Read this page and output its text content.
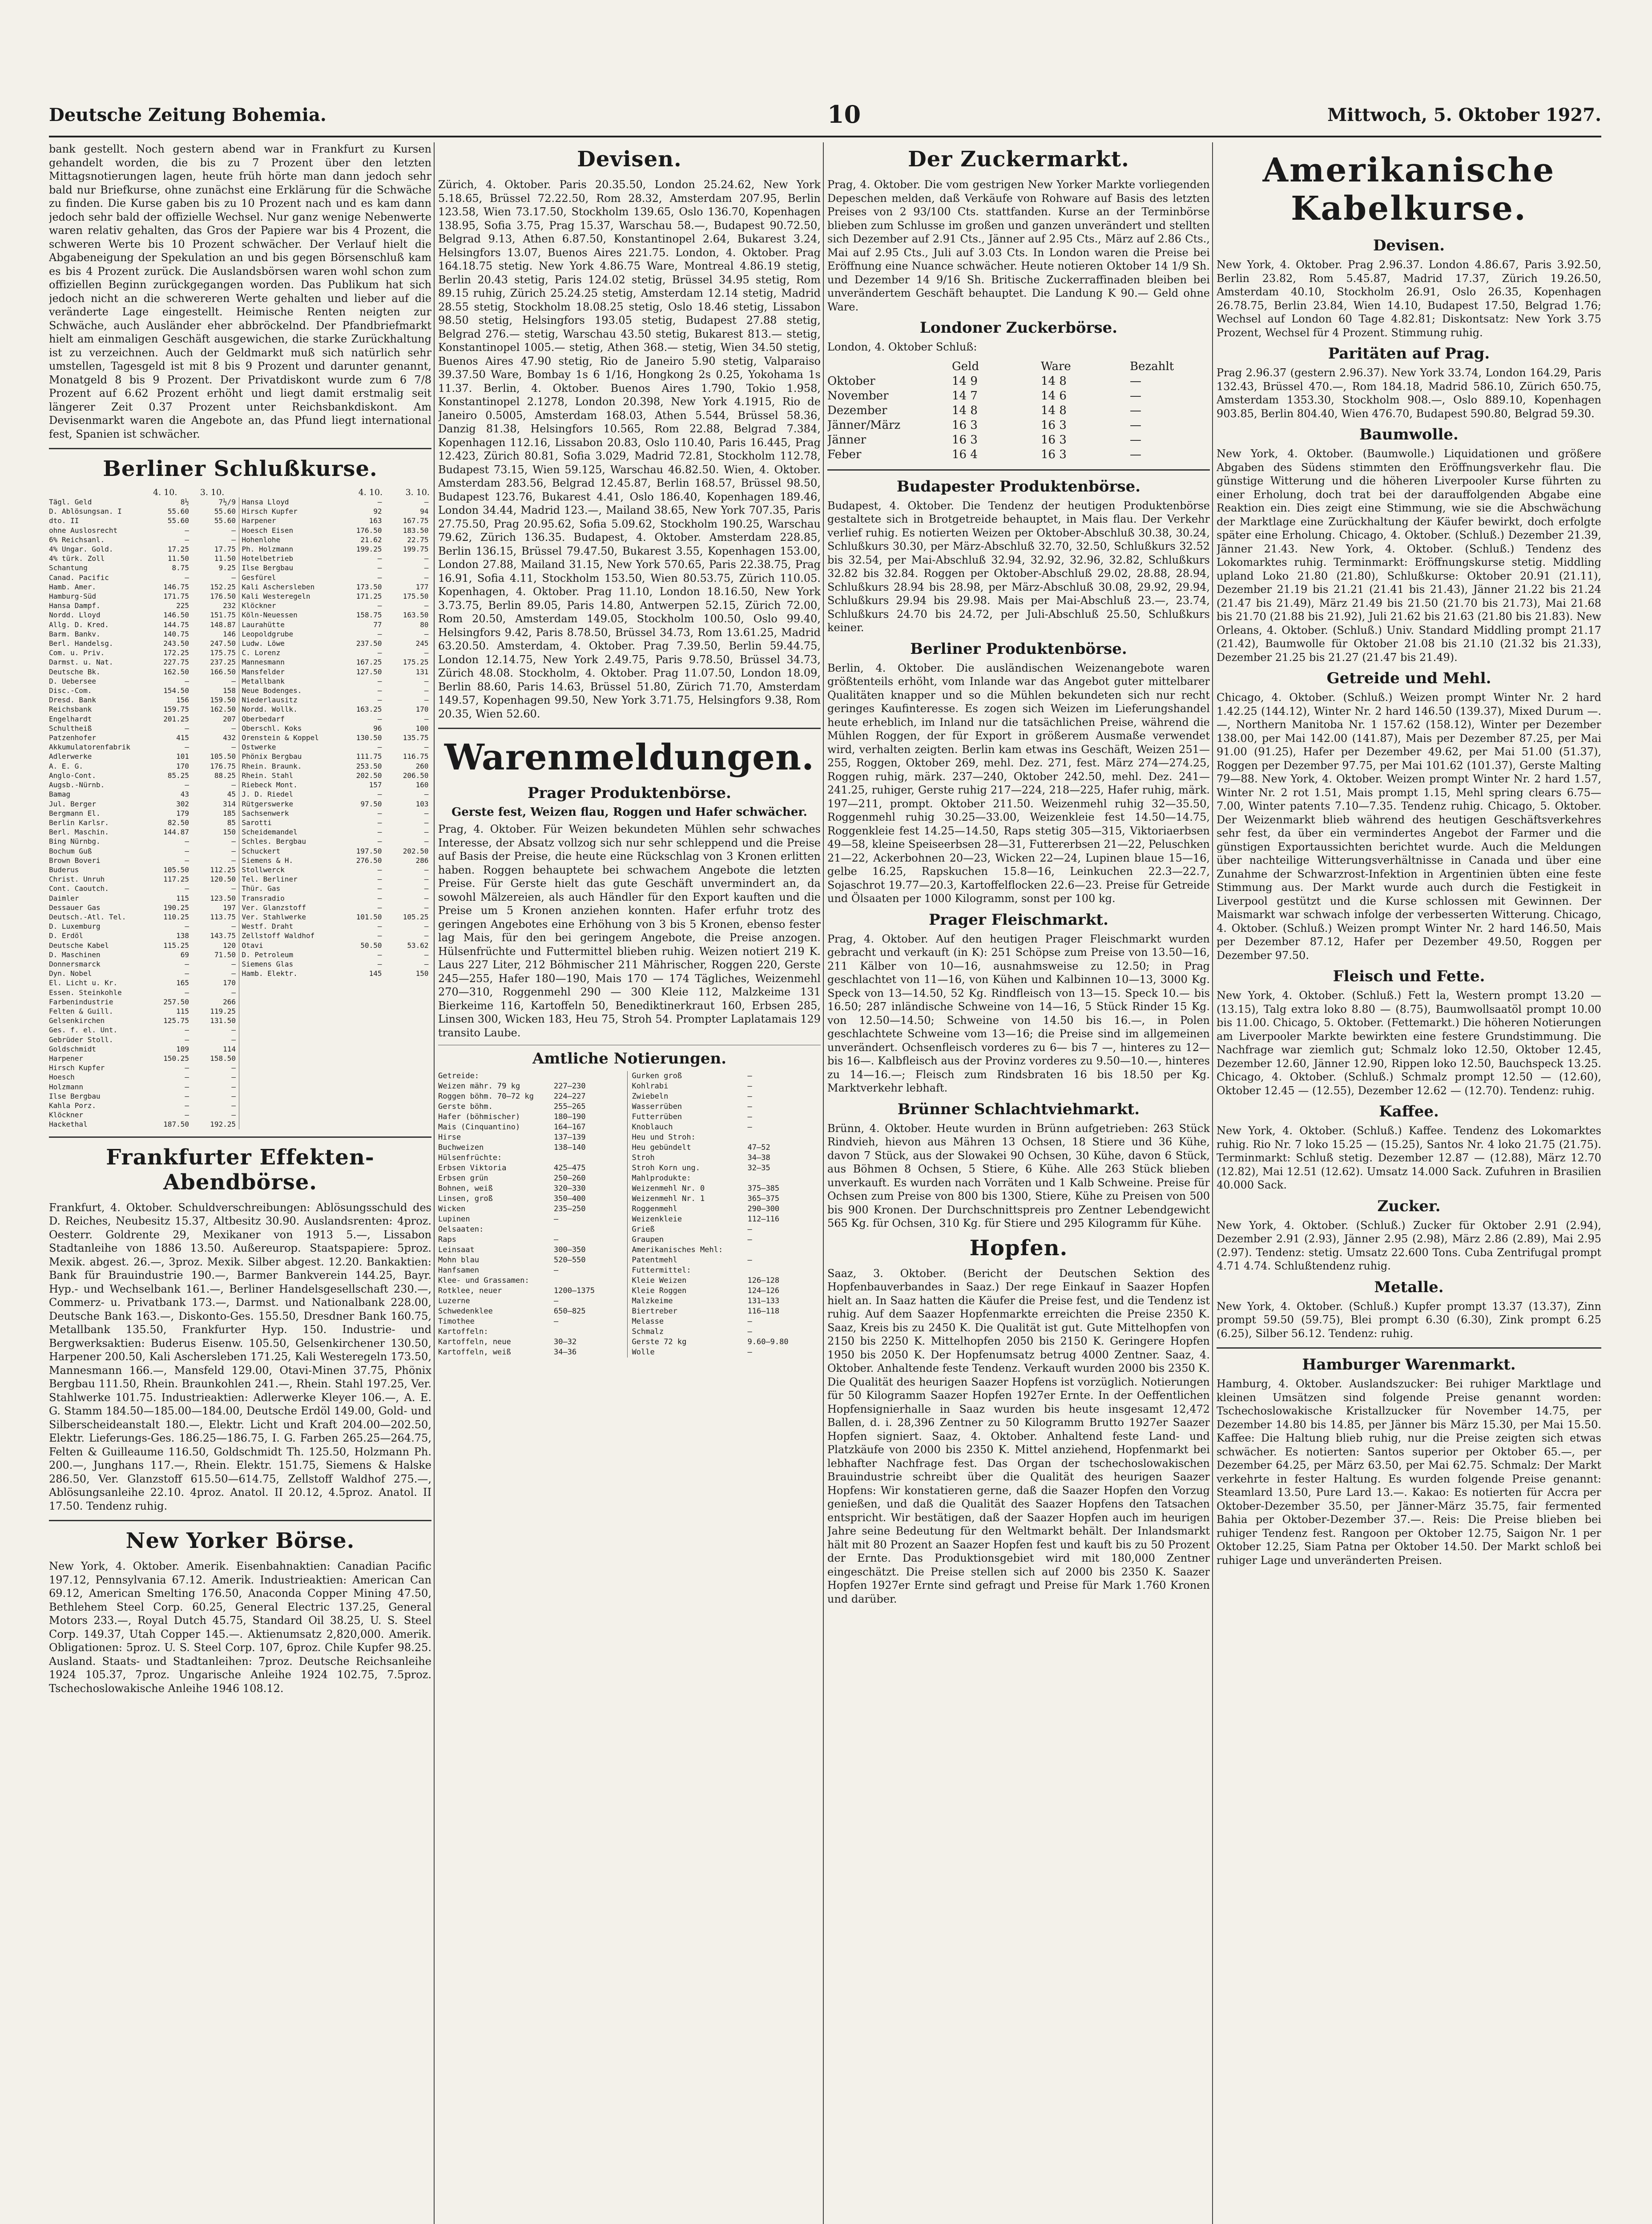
Deutsche Zeitung Bohemia.	10	Mittwoch, 5. Oktober 1927.
bank gestellt. Noch gestern abend war in Frankfurt zu Kursen gehandelt worden, die bis zu 7 Prozent über den letzten Mittagsnotierungen lagen, heute früh hörte man dann jedoch sehr bald nur Briefkurse, ohne zunächst eine Erklärung für die Schwäche zu finden. Die Kurse gaben bis zu 10 Prozent nach und es kam dann jedoch sehr bald der offizielle Wechsel. Nur ganz wenige Nebenwerte waren relativ gehalten, das Gros der Papiere war bis 4 Prozent, die schweren Werte bis 10 Prozent schwächer. Der Verlauf hielt die Abgabeneigung der Spekulation an und bis gegen Börsenschluß kam es bis 4 Prozent zurück. Die Auslandsbörsen waren wohl schon zum offiziellen Beginn zurückgegangen worden. Das Publikum hat sich jedoch nicht an die schwereren Werte gehalten und lieber auf die veränderte Lage eingestellt. Heimische Renten neigten zur Schwäche, auch Ausländer eher abbröckelnd. Der Pfandbriefmarkt hielt am einmaligen Geschäft ausgewichen, die starke Zurückhaltung ist zu verzeichnen. Auch der Geldmarkt muß sich natürlich sehr umstellen, Tagesgeld ist mit 8 bis 9 Prozent und darunter genannt, Monatgeld 8 bis 9 Prozent. Der Privatdiskont wurde zum 6 7/8 Prozent auf 6.62 Prozent erhöht und liegt damit erstmalig seit längerer Zeit 0.37 Prozent unter Reichsbankdiskont. Am Devisenmarkt waren die Angebote an, das Pfund liegt international fest, Spanien ist schwächer.
Berliner Schlußkurse.
4. 10.	3. 10.	4. 10.	3. 10.
Tägl. Geld	8½	7½/9
D. Ablösungsan. I	55.60	55.60
dto. II	55.60	55.60
ohne Auslosrecht	—	—
6% Reichsanl.	—	—
4% Ungar. Gold.	17.25	17.75
4% türk. Zoll	11.50	11.50
Schantung	8.75	9.25
Canad. Pacific	—	—
Hamb. Amer.	146.75	152.25
Hamburg-Süd	171.75	176.50
Hansa Dampf.	225	232
Nordd. Lloyd	146.50	151.75
Allg. D. Kred.	144.75	148.87
Barm. Bankv.	140.75	146
Berl. Handelsg.	243.50	247.50
Com. u. Priv.	172.25	175.75
Darmst. u. Nat.	227.75	237.25
Deutsche Bk.	162.50	166.50
D. Uebersee	—	—
Disc.-Com.	154.50	158
Dresd. Bank	156	159.50
Reichsbank	159.75	162.50
Engelhardt	201.25	207
Schultheiß	—	—
Patzenhofer	415	432
Akkumulatorenfabrik	—	—
Adlerwerke	101	105.50
A. E. G.	170	176.75
Anglo-Cont.	85.25	88.25
Augsb.-Nürnb.	—	—
Bamag	43	45
Jul. Berger	302	314
Bergmann El.	179	185
Berlin Karlsr.	82.50	85
Berl. Maschin.	144.87	150
Bing Nürnbg.	—	—
Bochum Guß	—	—
Brown Boveri	—	—
Buderus	105.50	112.25
Christ. Unruh	117.25	120.50
Cont. Caoutch.	—	—
Daimler	115	123.50
Dessauer Gas	190.25	197
Deutsch.-Atl. Tel.	110.25	113.75
D. Luxemburg	—	—
D. Erdöl	138	143.75
Deutsche Kabel	115.25	120
D. Maschinen	69	71.50
Donnersmarck	—	—
Dyn. Nobel	—	—
El. Licht u. Kr.	165	170
Essen. Steinkohle	—	—
Farbenindustrie	257.50	266
Felten & Guill.	115	119.25
Gelsenkirchen	125.75	131.50
Ges. f. el. Unt.	—	—
Gebrüder Stoll.	—	—
Goldschmidt	109	114
Harpener	150.25	158.50
Hirsch Kupfer	—	—
Hoesch	—	—
Holzmann	—	—
Ilse Bergbau	—	—
Kahla Porz.	—	—
Klöckner	—	—
Hackethal	187.50	192.25
Hansa Lloyd	—	—
Hirsch Kupfer	92	94
Harpener	163	167.75
Hoesch Eisen	176.50	183.50
Hohenlohe	21.62	22.75
Ph. Holzmann	199.25	199.75
Hotelbetrieb	—	—
Ilse Bergbau	—	—
Gesfürel	—	—
Kali Aschersleben	173.50	177
Kali Westeregeln	171.25	175.50
Klöckner	—	—
Köln-Neuessen	158.75	163.50
Laurahütte	77	80
Leopoldgrube	—	—
Ludw. Löwe	237.50	245
C. Lorenz	—	—
Mannesmann	167.25	175.25
Mansfelder	127.50	131
Metallbank	—	—
Neue Bodenges.	—	—
Niederlausitz	—	—
Nordd. Wollk.	163.25	170
Oberbedarf	—	—
Oberschl. Koks	96	100
Orenstein & Koppel	130.50	135.75
Ostwerke	—	—
Phönix Bergbau	111.75	116.75
Rhein. Braunk.	253.50	260
Rhein. Stahl	202.50	206.50
Riebeck Mont.	157	160
J. D. Riedel	—	—
Rütgerswerke	97.50	103
Sachsenwerk	—	—
Sarotti	—	—
Scheidemandel	—	—
Schles. Bergbau	—	—
Schuckert	197.50	202.50
Siemens & H.	276.50	286
Stollwerck	—	—
Tel. Berliner	—	—
Thür. Gas	—	—
Transradio	—	—
Ver. Glanzstoff	—	—
Ver. Stahlwerke	101.50	105.25
Westf. Draht	—	—
Zellstoff Waldhof	—	—
Otavi	50.50	53.62
D. Petroleum	—	—
Siemens Glas	—	—
Hamb. Elektr.	145	150
Frankfurter Effekten-Abendbörse.
Frankfurt, 4. Oktober. Schuldverschreibungen: Ablösungsschuld des D. Reiches, Neubesitz 15.37, Altbesitz 30.90. Auslandsrenten: 4proz. Oesterr. Goldrente 29, Mexikaner von 1913 5.—, Lissabon Stadtanleihe von 1886 13.50. Außereurop. Staatspapiere: 5proz. Mexik. abgest. 26.—, 3proz. Mexik. Silber abgest. 12.20. Bankaktien: Bank für Brauindustrie 190.—, Barmer Bankverein 144.25, Bayr. Hyp.- und Wechselbank 161.—, Berliner Handelsgesellschaft 230.—, Commerz- u. Privatbank 173.—, Darmst. und Nationalbank 228.00, Deutsche Bank 163.—, Diskonto-Ges. 155.50, Dresdner Bank 160.75, Metallbank 135.50, Frankfurter Hyp. 150. Industrie- und Bergwerksaktien: Buderus Eisenw. 105.50, Gelsenkirchener 130.50, Harpener 200.50, Kali Aschersleben 171.25, Kali Westeregeln 173.50, Mannesmann 166.—, Mansfeld 129.00, Otavi-Minen 37.75, Phönix Bergbau 111.50, Rhein. Braunkohlen 241.—, Rhein. Stahl 197.25, Ver. Stahlwerke 101.75. Industrieaktien: Adlerwerke Kleyer 106.—, A. E. G. Stamm 184.50—185.00—184.00, Deutsche Erdöl 149.00, Gold- und Silberscheideanstalt 180.—, Elektr. Licht und Kraft 204.00—202.50, Elektr. Lieferungs-Ges. 186.25—186.75, I. G. Farben 265.25—264.75, Felten & Guilleaume 116.50, Goldschmidt Th. 125.50, Holzmann Ph. 200.—, Junghans 117.—, Rhein. Elektr. 151.75, Siemens & Halske 286.50, Ver. Glanzstoff 615.50—614.75, Zellstoff Waldhof 275.—, Ablösungsanleihe 22.10. 4proz. Anatol. II 20.12, 4.5proz. Anatol. II 17.50. Tendenz ruhig.
New Yorker Börse.
New York, 4. Oktober. Amerik. Eisenbahnaktien: Canadian Pacific 197.12, Pennsylvania 67.12. Amerik. Industrieaktien: American Can 69.12, American Smelting 176.50, Anaconda Copper Mining 47.50, Bethlehem Steel Corp. 60.25, General Electric 137.25, General Motors 233.—, Royal Dutch 45.75, Standard Oil 38.25, U. S. Steel Corp. 149.37, Utah Copper 145.—. Aktienumsatz 2,820,000. Amerik. Obligationen: 5proz. U. S. Steel Corp. 107, 6proz. Chile Kupfer 98.25. Ausland. Staats- und Stadtanleihen: 7proz. Deutsche Reichsanleihe 1924 105.37, 7proz. Ungarische Anleihe 1924 102.75, 7.5proz. Tschechoslowakische Anleihe 1946 108.12.
Devisen.
Zürich, 4. Oktober. Paris 20.35.50, London 25.24.62, New York 5.18.65, Brüssel 72.22.50, Rom 28.32, Amsterdam 207.95, Berlin 123.58, Wien 73.17.50, Stockholm 139.65, Oslo 136.70, Kopenhagen 138.95, Sofia 3.75, Prag 15.37, Warschau 58.—, Budapest 90.72.50, Belgrad 9.13, Athen 6.87.50, Konstantinopel 2.64, Bukarest 3.24, Helsingfors 13.07, Buenos Aires 221.75. London, 4. Oktober. Prag 164.18.75 stetig. New York 4.86.75 Ware, Montreal 4.86.19 stetig, Berlin 20.43 stetig, Paris 124.02 stetig, Brüssel 34.95 stetig, Rom 89.15 ruhig, Zürich 25.24.25 stetig, Amsterdam 12.14 stetig, Madrid 28.55 stetig, Stockholm 18.08.25 stetig, Oslo 18.46 stetig, Lissabon 98.50 stetig, Helsingfors 193.05 stetig, Budapest 27.88 stetig, Belgrad 276.— stetig, Warschau 43.50 stetig, Bukarest 813.— stetig, Konstantinopel 1005.— stetig, Athen 368.— stetig, Wien 34.50 stetig, Buenos Aires 47.90 stetig, Rio de Janeiro 5.90 stetig, Valparaiso 39.37.50 Ware, Bombay 1s 6 1/16, Hongkong 2s 0.25, Yokohama 1s 11.37. Berlin, 4. Oktober. Buenos Aires 1.790, Tokio 1.958, Konstantinopel 2.1278, London 20.398, New York 4.1915, Rio de Janeiro 0.5005, Amsterdam 168.03, Athen 5.544, Brüssel 58.36, Danzig 81.38, Helsingfors 10.565, Rom 22.88, Belgrad 7.384, Kopenhagen 112.16, Lissabon 20.83, Oslo 110.40, Paris 16.445, Prag 12.423, Zürich 80.81, Sofia 3.029, Madrid 72.81, Stockholm 112.78, Budapest 73.15, Wien 59.125, Warschau 46.82.50. Wien, 4. Oktober. Amsterdam 283.56, Belgrad 12.45.87, Berlin 168.57, Brüssel 98.50, Budapest 123.76, Bukarest 4.41, Oslo 186.40, Kopenhagen 189.46, London 34.44, Madrid 123.—, Mailand 38.65, New York 707.35, Paris 27.75.50, Prag 20.95.62, Sofia 5.09.62, Stockholm 190.25, Warschau 79.62, Zürich 136.35. Budapest, 4. Oktober. Amsterdam 228.85, Berlin 136.15, Brüssel 79.47.50, Bukarest 3.55, Kopenhagen 153.00, London 27.88, Mailand 31.15, New York 570.65, Paris 22.38.75, Prag 16.91, Sofia 4.11, Stockholm 153.50, Wien 80.53.75, Zürich 110.05. Kopenhagen, 4. Oktober. Prag 11.10, London 18.16.50, New York 3.73.75, Berlin 89.05, Paris 14.80, Antwerpen 52.15, Zürich 72.00, Rom 20.50, Amsterdam 149.05, Stockholm 100.50, Oslo 99.40, Helsingfors 9.42, Paris 8.78.50, Brüssel 34.73, Rom 13.61.25, Madrid 63.20.50. Amsterdam, 4. Oktober. Prag 7.39.50, Berlin 59.44.75, London 12.14.75, New York 2.49.75, Paris 9.78.50, Brüssel 34.73, Zürich 48.08. Stockholm, 4. Oktober. Prag 11.07.50, London 18.09, Berlin 88.60, Paris 14.63, Brüssel 51.80, Zürich 71.70, Amsterdam 149.57, Kopenhagen 99.50, New York 3.71.75, Helsingfors 9.38, Rom 20.35, Wien 52.60.
Warenmeldungen.
Prager Produktenbörse.
Gerste fest, Weizen flau, Roggen und Hafer schwächer.
Prag, 4. Oktober. Für Weizen bekundeten Mühlen sehr schwaches Interesse, der Absatz vollzog sich nur sehr schleppend und die Preise auf Basis der Preise, die heute eine Rückschlag von 3 Kronen erlitten haben. Roggen behauptete bei schwachem Angebote die letzten Preise. Für Gerste hielt das gute Geschäft unvermindert an, da sowohl Mälzereien, als auch Händler für den Export kauften und die Preise um 5 Kronen anziehen konnten. Hafer erfuhr trotz des geringen Angebotes eine Erhöhung von 3 bis 5 Kronen, ebenso fester lag Mais, für den bei geringem Angebote, die Preise anzogen. Hülsenfrüchte und Futtermittel blieben ruhig. Weizen notiert 219 K. Laus 227 Liter, 212 Böhmischer 211 Mährischer, Roggen 220, Gerste 245—255, Hafer 180—190, Mais 170 — 174 Tägliches, Weizenmehl 270—310, Roggenmehl 290 — 300 Kleie 112, Malzkeime 131 Bierkeime 116, Kartoffeln 50, Benediktinerkraut 160, Erbsen 285, Linsen 300, Wicken 183, Heu 75, Stroh 54. Prompter Laplatamais 129 transito Laube.
Amtliche Notierungen.
Getreide:
Weizen mähr. 79 kg	227—230
Roggen böhm. 70—72 kg	224—227
Gerste böhm.	255—265
Hafer (böhmischer)	180—190
Mais (Cinquantino)	164—167
Hirse	137—139
Buchweizen	138—140
Hülsenfrüchte:
Erbsen Viktoria	425—475
Erbsen grün	250—260
Bohnen, weiß	320—330
Linsen, groß	350—400
Wicken	235—250
Lupinen	—
Oelsaaten:
Raps	—
Leinsaat	300—350
Mohn blau	520—550
Hanfsamen	—
Klee- und Grassamen:
Rotklee, neuer	1200—1375
Luzerne	—
Schwedenklee	650—825
Timothee	—
Kartoffeln:
Kartoffeln, neue	30—32
Kartoffeln, weiß	34—36
Gurken groß	—
Kohlrabi	—
Zwiebeln	—
Wasserrüben	—
Futterrüben	—
Knoblauch	—
Heu und Stroh:
Heu gebündelt	47—52
Stroh	34—38
Stroh Korn ung.	32—35
Mahlprodukte:
Weizenmehl Nr. 0	375—385
Weizenmehl Nr. 1	365—375
Roggenmehl	290—300
Weizenkleie	112—116
Grieß	—
Graupen	—
Amerikanisches Mehl:
Patentmehl	—
Futtermittel:
Kleie Weizen	126—128
Kleie Roggen	124—126
Malzkeime	131—133
Biertreber	116—118
Melasse	—
Schmalz	—
Gerste 72 kg	9.60—9.80
Wolle	—
Der Zuckermarkt.
Prag, 4. Oktober. Die vom gestrigen New Yorker Markte vorliegenden Depeschen melden, daß Verkäufe von Rohware auf Basis des letzten Preises von 2 93/100 Cts. stattfanden. Kurse an der Terminbörse blieben zum Schlusse im großen und ganzen unverändert und stellten sich Dezember auf 2.91 Cts., Jänner auf 2.95 Cts., März auf 2.86 Cts., Mai auf 2.95 Cts., Juli auf 3.03 Cts. In London waren die Preise bei Eröffnung eine Nuance schwächer. Heute notieren Oktober 14 1/9 Sh. und Dezember 14 9/16 Sh. Britische Zuckerraffinaden bleiben bei unverändertem Geschäft behauptet. Die Landung K 90.— Geld ohne Ware.
Londoner Zuckerbörse.
London, 4. Oktober Schluß:
Geld	Ware	Bezahlt
Oktober	14 9	14 8	—
November	14 7	14 6	—
Dezember	14 8	14 8	—
Jänner/März	16 3	16 3	—
Jänner	16 3	16 3	—
Feber	16 4	16 3	—
Budapester Produktenbörse.
Budapest, 4. Oktober. Die Tendenz der heutigen Produktenbörse gestaltete sich in Brotgetreide behauptet, in Mais flau. Der Verkehr verlief ruhig. Es notierten Weizen per Oktober-Abschluß 30.38, 30.24, Schlußkurs 30.30, per März-Abschluß 32.70, 32.50, Schlußkurs 32.52 bis 32.54, per Mai-Abschluß 32.94, 32.92, 32.96, 32.82, Schlußkurs 32.82 bis 32.84. Roggen per Oktober-Abschluß 29.02, 28.88, 28.94, Schlußkurs 28.94 bis 28.98, per März-Abschluß 30.08, 29.92, 29.94, Schlußkurs 29.94 bis 29.98. Mais per Mai-Abschluß 23.—, 23.74, Schlußkurs 24.70 bis 24.72, per Juli-Abschluß 25.50, Schlußkurs keiner.
Berliner Produktenbörse.
Berlin, 4. Oktober. Die ausländischen Weizenangebote waren größtenteils erhöht, vom Inlande war das Angebot guter mittelbarer Qualitäten knapper und so die Mühlen bekundeten sich nur recht geringes Kaufinteresse. Es zogen sich Weizen im Lieferungshandel heute erheblich, im Inland nur die tatsächlichen Preise, während die Mühlen Roggen, der für Export in größerem Ausmaße verwendet wird, verhalten zeigten. Berlin kam etwas ins Geschäft, Weizen 251—255, Roggen, Oktober 269, mehl. Dez. 271, fest. März 274—274.25, Roggen ruhig, märk. 237—240, Oktober 242.50, mehl. Dez. 241—241.25, ruhiger, Gerste ruhig 217—224, 218—225, Hafer ruhig, märk. 197—211, prompt. Oktober 211.50. Weizenmehl ruhig 32—35.50, Roggenmehl ruhig 30.25—33.00, Weizenkleie fest 14.50—14.75, Roggenkleie fest 14.25—14.50, Raps stetig 305—315, Viktoriaerbsen 49—58, kleine Speiseerbsen 28—31, Futtererbsen 21—22, Peluschken 21—22, Ackerbohnen 20—23, Wicken 22—24, Lupinen blaue 15—16, gelbe 16.25, Rapskuchen 15.8—16, Leinkuchen 22.3—22.7, Sojaschrot 19.77—20.3, Kartoffelflocken 22.6—23. Preise für Getreide und Ölsaaten per 1000 Kilogramm, sonst per 100 kg.
Prager Fleischmarkt.
Prag, 4. Oktober. Auf den heutigen Prager Fleischmarkt wurden gebracht und verkauft (in K): 251 Schöpse zum Preise von 13.50—16, 211 Kälber von 10—16, ausnahmsweise zu 12.50; in Prag geschlachtet von 11—16, von Kühen und Kalbinnen 10—13, 3000 Kg. Speck von 13—14.50, 52 Kg. Rindfleisch von 13—15. Speck 10.— bis 16.50; 287 inländische Schweine von 14—16, 5 Stück Rinder 15 Kg. von 12.50—14.50; Schweine von 14.50 bis 16.—, in Polen geschlachtete Schweine vom 13—16; die Preise sind im allgemeinen unverändert. Ochsenfleisch vorderes zu 6— bis 7 —, hinteres zu 12— bis 16—. Kalbfleisch aus der Provinz vorderes zu 9.50—10.—, hinteres zu 14—16.—; Fleisch zum Rindsbraten 16 bis 18.50 per Kg. Marktverkehr lebhaft.
Brünner Schlachtviehmarkt.
Brünn, 4. Oktober. Heute wurden in Brünn aufgetrieben: 263 Stück Rindvieh, hievon aus Mähren 13 Ochsen, 18 Stiere und 36 Kühe, davon 7 Stück, aus der Slowakei 90 Ochsen, 30 Kühe, davon 6 Stück, aus Böhmen 8 Ochsen, 5 Stiere, 6 Kühe. Alle 263 Stück blieben unverkauft. Es wurden nach Vorräten und 1 Kalb Schweine. Preise für Ochsen zum Preise von 800 bis 1300, Stiere, Kühe zu Preisen von 500 bis 900 Kronen. Der Durchschnittspreis pro Zentner Lebendgewicht 565 Kg. für Ochsen, 310 Kg. für Stiere und 295 Kilogramm für Kühe.
Hopfen.
Saaz, 3. Oktober. (Bericht der Deutschen Sektion des Hopfenbauverbandes in Saaz.) Der rege Einkauf in Saazer Hopfen hielt an. In Saaz hatten die Käufer die Preise fest, und die Tendenz ist ruhig. Auf dem Saazer Hopfenmarkte erreichten die Preise 2350 K. Saaz, Kreis bis zu 2450 K. Die Qualität ist gut. Gute Mittelhopfen von 2150 bis 2250 K. Mittelhopfen 2050 bis 2150 K. Geringere Hopfen 1950 bis 2050 K. Der Hopfenumsatz betrug 4000 Zentner. Saaz, 4. Oktober. Anhaltende feste Tendenz. Verkauft wurden 2000 bis 2350 K. Die Qualität des heurigen Saazer Hopfens ist vorzüglich. Notierungen für 50 Kilogramm Saazer Hopfen 1927er Ernte. In der Oeffentlichen Hopfensignierhalle in Saaz wurden bis heute insgesamt 12,472 Ballen, d. i. 28,396 Zentner zu 50 Kilogramm Brutto 1927er Saazer Hopfen signiert. Saaz, 4. Oktober. Anhaltend feste Land- und Platzkäufe von 2000 bis 2350 K. Mittel anziehend, Hopfenmarkt bei lebhafter Nachfrage fest. Das Organ der tschechoslowakischen Brauindustrie schreibt über die Qualität des heurigen Saazer Hopfens: Wir konstatieren gerne, daß die Saazer Hopfen den Vorzug genießen, und daß die Qualität des Saazer Hopfens den Tatsachen entspricht. Wir bestätigen, daß der Saazer Hopfen auch im heurigen Jahre seine Bedeutung für den Weltmarkt behält. Der Inlandsmarkt hält mit 80 Prozent an Saazer Hopfen fest und kauft bis zu 50 Prozent der Ernte. Das Produktionsgebiet wird mit 180,000 Zentner eingeschätzt. Die Preise stellen sich auf 2000 bis 2350 K. Saazer Hopfen 1927er Ernte sind gefragt und Preise für Mark 1.760 Kronen und darüber.
Amerikanische Kabelkurse.
Devisen.
New York, 4. Oktober. Prag 2.96.37. London 4.86.67, Paris 3.92.50, Berlin 23.82, Rom 5.45.87, Madrid 17.37, Zürich 19.26.50, Amsterdam 40.10, Stockholm 26.91, Oslo 26.35, Kopenhagen 26.78.75, Berlin 23.84, Wien 14.10, Budapest 17.50, Belgrad 1.76; Wechsel auf London 60 Tage 4.82.81; Diskontsatz: New York 3.75 Prozent, Wechsel für 4 Prozent. Stimmung ruhig.
Paritäten auf Prag.
Prag 2.96.37 (gestern 2.96.37). New York 33.74, London 164.29, Paris 132.43, Brüssel 470.—, Rom 184.18, Madrid 586.10, Zürich 650.75, Amsterdam 1353.30, Stockholm 908.—, Oslo 889.10, Kopenhagen 903.85, Berlin 804.40, Wien 476.70, Budapest 590.80, Belgrad 59.30.
Baumwolle.
New York, 4. Oktober. (Baumwolle.) Liquidationen und größere Abgaben des Südens stimmten den Eröffnungsverkehr flau. Die günstige Witterung und die höheren Liverpooler Kurse führten zu einer Erholung, doch trat bei der darauffolgenden Abgabe eine Reaktion ein. Dies zeigt eine Stimmung, wie sie die Abschwächung der Marktlage eine Zurückhaltung der Käufer bewirkt, doch erfolgte später eine Erholung. Chicago, 4. Oktober. (Schluß.) Dezember 21.39, Jänner 21.43. New York, 4. Oktober. (Schluß.) Tendenz des Lokomarktes ruhig. Terminmarkt: Eröffnungskurse stetig. Middling upland Loko 21.80 (21.80), Schlußkurse: Oktober 20.91 (21.11), Dezember 21.19 bis 21.21 (21.41 bis 21.43), Jänner 21.22 bis 21.24 (21.47 bis 21.49), März 21.49 bis 21.50 (21.70 bis 21.73), Mai 21.68 bis 21.70 (21.88 bis 21.92), Juli 21.62 bis 21.63 (21.80 bis 21.83). New Orleans, 4. Oktober. (Schluß.) Univ. Standard Middling prompt 21.17 (21.42), Baumwolle für Oktober 21.08 bis 21.10 (21.32 bis 21.33), Dezember 21.25 bis 21.27 (21.47 bis 21.49).
Getreide und Mehl.
Chicago, 4. Oktober. (Schluß.) Weizen prompt Winter Nr. 2 hard 1.42.25 (144.12), Winter Nr. 2 hard 146.50 (139.37), Mixed Durum —.—, Northern Manitoba Nr. 1 157.62 (158.12), Winter per Dezember 138.00, per Mai 142.00 (141.87), Mais per Dezember 87.25, per Mai 91.00 (91.25), Hafer per Dezember 49.62, per Mai 51.00 (51.37), Roggen per Dezember 97.75, per Mai 101.62 (101.37), Gerste Malting 79—88. New York, 4. Oktober. Weizen prompt Winter Nr. 2 hard 1.57, Winter Nr. 2 rot 1.51, Mais prompt 1.15, Mehl spring clears 6.75—7.00, Winter patents 7.10—7.35. Tendenz ruhig. Chicago, 5. Oktober. Der Weizenmarkt blieb während des heutigen Geschäftsverkehres sehr fest, da über ein vermindertes Angebot der Farmer und die günstigen Exportaussichten berichtet wurde. Auch die Meldungen über nachteilige Witterungsverhältnisse in Canada und über eine Zunahme der Schwarzrost-Infektion in Argentinien übten eine feste Stimmung aus. Der Markt wurde auch durch die Festigkeit in Liverpool gestützt und die Kurse schlossen mit Gewinnen. Der Maismarkt war schwach infolge der verbesserten Witterung. Chicago, 4. Oktober. (Schluß.) Weizen prompt Winter Nr. 2 hard 146.50, Mais per Dezember 87.12, Hafer per Dezember 49.50, Roggen per Dezember 97.50.
Fleisch und Fette.
New York, 4. Oktober. (Schluß.) Fett la, Western prompt 13.20 — (13.15), Talg extra loko 8.80 — (8.75), Baumwollsaatöl prompt 10.00 bis 11.00. Chicago, 5. Oktober. (Fettemarkt.) Die höheren Notierungen am Liverpooler Markte bewirkten eine festere Grundstimmung. Die Nachfrage war ziemlich gut; Schmalz loko 12.50, Oktober 12.45, Dezember 12.60, Jänner 12.90, Rippen loko 12.50, Bauchspeck 13.25. Chicago, 4. Oktober. (Schluß.) Schmalz prompt 12.50 — (12.60), Oktober 12.45 — (12.55), Dezember 12.62 — (12.70). Tendenz: ruhig.
Kaffee.
New York, 4. Oktober. (Schluß.) Kaffee. Tendenz des Lokomarktes ruhig. Rio Nr. 7 loko 15.25 — (15.25), Santos Nr. 4 loko 21.75 (21.75). Terminmarkt: Schluß stetig. Dezember 12.87 — (12.88), März 12.70 (12.82), Mai 12.51 (12.62). Umsatz 14.000 Sack. Zufuhren in Brasilien 40.000 Sack.
Zucker.
New York, 4. Oktober. (Schluß.) Zucker für Oktober 2.91 (2.94), Dezember 2.91 (2.93), Jänner 2.95 (2.98), März 2.86 (2.89), Mai 2.95 (2.97). Tendenz: stetig. Umsatz 22.600 Tons. Cuba Zentrifugal prompt 4.71 4.74. Schlußtendenz ruhig.
Metalle.
New York, 4. Oktober. (Schluß.) Kupfer prompt 13.37 (13.37), Zinn prompt 59.50 (59.75), Blei prompt 6.30 (6.30), Zink prompt 6.25 (6.25), Silber 56.12. Tendenz: ruhig.
Hamburger Warenmarkt.
Hamburg, 4. Oktober. Auslandszucker: Bei ruhiger Marktlage und kleinen Umsätzen sind folgende Preise genannt worden: Tschechoslowakische Kristallzucker für November 14.75, per Dezember 14.80 bis 14.85, per Jänner bis März 15.30, per Mai 15.50. Kaffee: Die Haltung blieb ruhig, nur die Preise zeigten sich etwas schwächer. Es notierten: Santos superior per Oktober 65.—, per Dezember 64.25, per März 63.50, per Mai 62.75. Schmalz: Der Markt verkehrte in fester Haltung. Es wurden folgende Preise genannt: Steamlard 13.50, Pure Lard 13.—. Kakao: Es notierten für Accra per Oktober-Dezember 35.50, per Jänner-März 35.75, fair fermented Bahia per Oktober-Dezember 37.—. Reis: Die Preise blieben bei ruhiger Tendenz fest. Rangoon per Oktober 12.75, Saigon Nr. 1 per Oktober 12.25, Siam Patna per Oktober 14.50. Der Markt schloß bei ruhiger Lage und unveränderten Preisen.
